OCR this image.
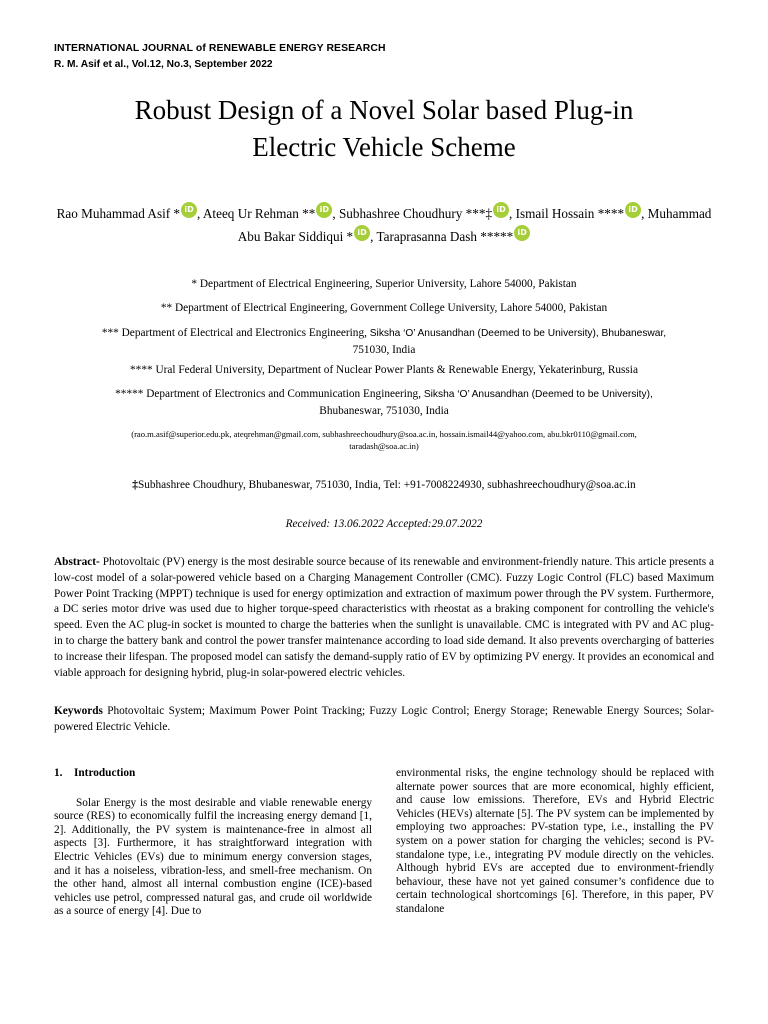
INTERNATIONAL JOURNAL of RENEWABLE ENERGY RESEARCH
R. M. Asif et al., Vol.12, No.3, September 2022
Robust Design of a Novel Solar based Plug-in
Electric Vehicle Scheme
Rao Muhammad Asif * iD , Ateeq Ur Rehman ** iD , Subhashree Choudhury ***‡ iD , Ismail Hossain **** iD , Muhammad Abu Bakar Siddiqui * iD , Taraprasanna Dash ***** iD
* Department of Electrical Engineering, Superior University, Lahore 54000, Pakistan
** Department of Electrical Engineering, Government College University, Lahore 54000, Pakistan
*** Department of Electrical and Electronics Engineering, Siksha ‘O’ Anusandhan (Deemed to be University), Bhubaneswar,
751030, India
**** Ural Federal University, Department of Nuclear Power Plants & Renewable Energy, Yekaterinburg, Russia
***** Department of Electronics and Communication Engineering, Siksha ‘O’ Anusandhan (Deemed to be University),
Bhubaneswar, 751030, India
(rao.m.asif@superior.edu.pk, ateqrehman@gmail.com, subhashreechoudhury@soa.ac.in, hossain.ismail44@yahoo.com, abu.bkr0110@gmail.com,
taradash@soa.ac.in)
‡Subhashree Choudhury, Bhubaneswar, 751030, India, Tel: +91-7008224930, subhashreechoudhury@soa.ac.in
Received: 13.06.2022 Accepted:29.07.2022
Abstract- Photovoltaic (PV) energy is the most desirable source because of its renewable and environment-friendly nature. This article presents a low-cost model of a solar-powered vehicle based on a Charging Management Controller (CMC). Fuzzy Logic Control (FLC) based Maximum Power Point Tracking (MPPT) technique is used for energy optimization and extraction of maximum power through the PV system. Furthermore, a DC series motor drive was used due to higher torque-speed characteristics with rheostat as a braking component for controlling the vehicle's speed. Even the AC plug-in socket is mounted to charge the batteries when the sunlight is unavailable. CMC is integrated with PV and AC plug-in to charge the battery bank and control the power transfer maintenance according to load side demand. It also prevents overcharging of batteries to increase their lifespan. The proposed model can satisfy the demand-supply ratio of EV by optimizing PV energy. It provides an economical and viable approach for designing hybrid, plug-in solar-powered electric vehicles.
Keywords Photovoltaic System; Maximum Power Point Tracking; Fuzzy Logic Control; Energy Storage; Renewable Energy Sources; Solar-powered Electric Vehicle.
1. Introduction

Solar Energy is the most desirable and viable renewable energy source (RES) to economically fulfil the increasing energy demand [1, 2]. Additionally, the PV system is maintenance-free in almost all aspects [3]. Furthermore, it has straightforward integration with Electric Vehicles (EVs) due to minimum energy conversion stages, and it has a noiseless, vibration-less, and smell-free mechanism. On the other hand, almost all internal combustion engine (ICE)-based vehicles use petrol, compressed natural gas, and crude oil worldwide as a source of energy [4]. Due to

environmental risks, the engine technology should be replaced with alternate power sources that are more economical, highly efficient, and cause low emissions. Therefore, EVs and Hybrid Electric Vehicles (HEVs) alternate [5]. The PV system can be implemented by employing two approaches: PV-station type, i.e., installing the PV system on a power station for charging the vehicles; second is PV-standalone type, i.e., integrating PV module directly on the vehicles. Although hybrid EVs are accepted due to environment-friendly behaviour, these have not yet gained consumer’s confidence due to certain technological shortcomings [6]. Therefore, in this paper, PV standalone
